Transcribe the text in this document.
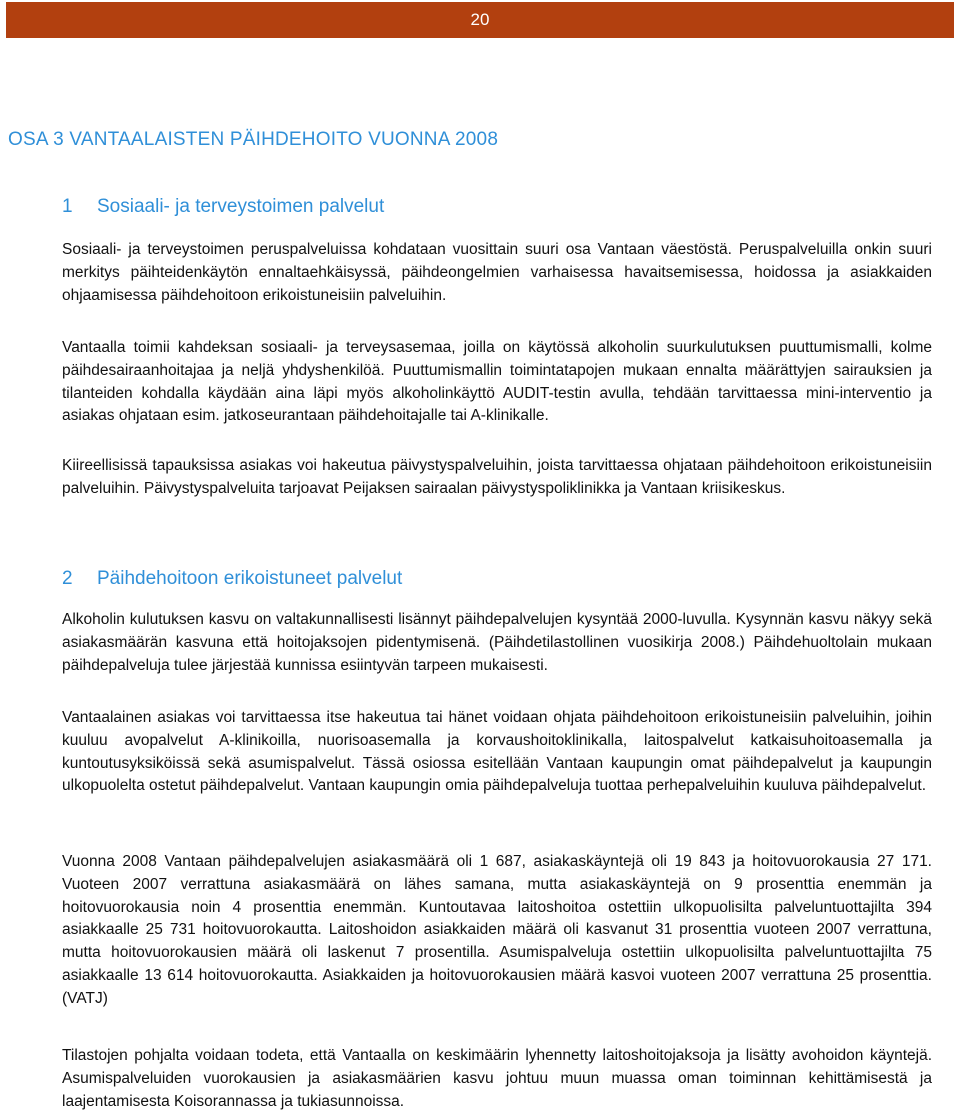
20
OSA 3 VANTAALAISTEN PÄIHDEHOITO VUONNA 2008
1 Sosiaali- ja terveystoimen palvelut

Sosiaali- ja terveystoimen peruspalveluissa kohdataan vuosittain suuri osa Vantaan väestöstä. Peruspalveluilla onkin suuri merkitys päihteidenkäytön ennaltaehkäisyssä, päihdeongelmien varhaisessa havaitsemisessa, hoidossa ja asiakkaiden ohjaamisessa päihdehoitoon erikoistuneisiin palveluihin.

Vantaalla toimii kahdeksan sosiaali- ja terveysasemaa, joilla on käytössä alkoholin suurkulutuksen puuttumismalli, kolme päihdesairaanhoitajaa ja neljä yhdyshenkilöä. Puuttumismallin toimintatapojen mukaan ennalta määrättyjen sairauksien ja tilanteiden kohdalla käydään aina läpi myös alkoholinkäyttö AUDIT-testin avulla, tehdään tarvittaessa mini-interventio ja asiakas ohjataan esim. jatkoseurantaan päihdehoitajalle tai A-klinikalle.

Kiireellisissä tapauksissa asiakas voi hakeutua päivystyspalveluihin, joista tarvittaessa ohjataan päihdehoitoon erikoistuneisiin palveluihin. Päivystyspalveluita tarjoavat Peijaksen sairaalan päivystyspoliklinikka ja Vantaan kriisikeskus.

2 Päihdehoitoon erikoistuneet palvelut

Alkoholin kulutuksen kasvu on valtakunnallisesti lisännyt päihdepalvelujen kysyntää 2000-luvulla. Kysynnän kasvu näkyy sekä asiakasmäärän kasvuna että hoitojaksojen pidentymisenä. (Päihdetilastollinen vuosikirja 2008.) Päihdehuoltolain mukaan päihdepalveluja tulee järjestää kunnissa esiintyvän tarpeen mukaisesti.

Vantaalainen asiakas voi tarvittaessa itse hakeutua tai hänet voidaan ohjata päihdehoitoon erikoistuneisiin palveluihin, joihin kuuluu avopalvelut A-klinikoilla, nuorisoasemalla ja korvaushoitoklinikalla, laitospalvelut katkaisuhoitoasemalla ja kuntoutusyksiköissä sekä asumispalvelut. Tässä osiossa esitellään Vantaan kaupungin omat päihdepalvelut ja kaupungin ulkopuolelta ostetut päihdepalvelut. Vantaan kaupungin omia päihdepalveluja tuottaa perhepalveluihin kuuluva päihdepalvelut.

Vuonna 2008 Vantaan päihdepalvelujen asiakasmäärä oli 1 687, asiakaskäyntejä oli 19 843 ja hoitovuorokausia 27 171. Vuoteen 2007 verrattuna asiakasmäärä on lähes samana, mutta asiakaskäyntejä on 9 prosenttia enemmän ja hoitovuorokausia noin 4 prosenttia enemmän. Kuntoutavaa laitoshoitoa ostettiin ulkopuolisilta palveluntuottajilta 394 asiakkaalle 25 731 hoitovuorokautta. Laitoshoidon asiakkaiden määrä oli kasvanut 31 prosenttia vuoteen 2007 verrattuna, mutta hoitovuorokausien määrä oli laskenut 7 prosentilla. Asumispalveluja ostettiin ulkopuolisilta palveluntuottajilta 75 asiakkaalle 13 614 hoitovuorokautta. Asiakkaiden ja hoitovuorokausien määrä kasvoi vuoteen 2007 verrattuna 25 prosenttia. (VATJ)

Tilastojen pohjalta voidaan todeta, että Vantaalla on keskimäärin lyhennetty laitoshoitojaksoja ja lisätty avohoidon käyntejä. Asumispalveluiden vuorokausien ja asiakasmäärien kasvu johtuu muun muassa oman toiminnan kehittämisestä ja laajentamisesta Koisorannassa ja tukiasunnoissa.
